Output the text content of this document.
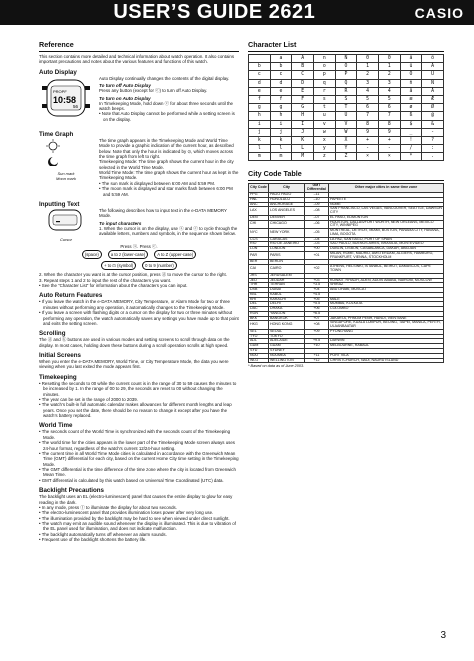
USER’S GUIDE 2621	CASIO
Reference

This section contains more detailed and technical information about watch operation. It also contains important precautions and notes about the various features and functions of this watch.

Auto Display
PROPF
10:58
56

Auto Display continually changes the contents of the digital display.

To turn off Auto Display

Press any button (except for ⓒ) to turn off Auto Display.

To turn on Auto Display

In Timekeeping Mode, hold down ⓒ for about three seconds until the watch beeps.

• Note that Auto Display cannot be performed while a setting screen is on the display.
Time Graph
Sun mark
Moon mark

The time graph appears in the Timekeeping Mode and World Time Mode to provide a graphic indication of the current hour, as described below. Note that only the hour is indicated by ⊙, which moves across the time graph from left to right.

Timekeeping Mode: The time graph shows the current hour in the city selected in the World Time Mode.

World Time Mode: The time graph shows the current hour as kept in the Timekeeping Mode.

• The sun mark is displayed between 6:00 AM and 5:59 PM.
• The moon mark is displayed and star marks flash between 6:00 PM and 5:59 AM.
Inputting Text
Cursor

The following describes how to input text in the e-DATA MEMORY Mode.

To input characters

1. When the cursor is on the display, use ⓐ and ⓒ to cycle through the available letters, numbers and symbols, in the sequence shown below.

Press ⓐ. Press ⓒ.

(space)	a to z (lower-case)	A to Z (upper-case)
+ to ⊡ (symbol)	0 to 9 (number)

2. When the character you want is at the cursor position, press ⓓ to move the cursor to the right.

3. Repeat steps 1 and 2 to input the rest of the characters you want.

• See the “Character List” for information about the characters you can input.
Auto Return Features
• If you leave the watch in the e-DATA MEMORY, City Temperature, or Alarm Mode for two or three minutes without performing any operation, it automatically changes to the Timekeeping Mode.
• If you leave a screen with flashing digits or a cursor on the display for two or three minutes without performing any operation, the watch automatically saves any settings you have made up to that point and exits the setting screen.
Scrolling

The ⓓ and ⓑ buttons are used in various modes and setting screens to scroll through data on the display. In most cases, holding down these buttons during a scroll operation scrolls at high speed.

Initial Screens

When you enter the e-DATA MEMORY, World Time, or City Temperature Mode, the data you were viewing when you last exited the mode appears first.

Timekeeping
• Resetting the seconds to 00 while the current count is in the range of 30 to 59 causes the minutes to be increased by 1. In the range of 00 to 29, the seconds are reset to 00 without changing the minutes.
• The year can be set in the range of 2000 to 2039.
• The watch’s built-in full automatic calendar makes allowances for different month lengths and leap years. Once you set the date, there should be no reason to change it except after you have the watch’s battery replaced.
World Time
• The seconds count of the World Time is synchronized with the seconds count of the Timekeeping Mode.
• The world time for the cities appears in the lower part of the Timekeeping Mode screen always uses 24-hour format, regardless of the watch’s current 12/24-hour setting.
• The current time in all World Time Mode cities is calculated in accordance with the Greenwich Mean Time (GMT) differential for each city, based on the current Home City time setting in the Timekeeping Mode.
• The GMT differential is the time difference of the time zone where the city is located from Greenwich Mean Time.
• GMT differential is calculated by this watch based on Universal Time Coordinated (UTC) data.
Backlight Precautions

The backlight uses an EL (electro-luminescent) panel that causes the entire display to glow for easy reading in the dark.

• In any mode, press ⓛ to illuminate the display for about two seconds.
• The electro-luminescent panel that provides illumination loses power after very long use.
• The illumination provided by the backlight may be hard to see when viewed under direct sunlight.
• The watch may emit an audible sound whenever the display is illuminated. This is due to vibration of the EL panel used for illumination, and does not indicate malfunction.
• The backlight automatically turns off whenever an alarm sounds.
• Frequent use of the backlight shortens the battery life.
Character List
	a	A	n	N	0	0	ä	ö
b	b	B	o	O	1	1	ü	Ä
c	c	C	p	P	2	2	Ö	Ü
d	d	D	q	Q	3	3	ñ	Ñ
e	e	E	r	R	4	4	å	Å
f	f	F	s	S	5	5	æ	Æ
g	g	G	t	T	6	6	ø	Ø
h	h	H	u	U	7	7	ß	@
i	i	I	v	V	8	8	$	&
j	j	J	w	W	9	9	_	-
k	k	K	x	X	+	+	!	?
l	l	L	y	Y	-	-	/	:
m	m	M	z	Z	×	×	*	.
City Code Table
City Code	City	GMT Differential	Other major cities in same time zone
PPG	PAGO PAGO	–11	
HNL	HONOLULU	–10	PAPEETE
ANC	ANCHORAGE	–09	NOME
LAX	LOS ANGELES	–08	SAN FRANCISCO, LAS VEGAS, VANCOUVER, SEATTLE, DAWSON CITY
DEN	DENVER	–07	EL PASO, EDMONTON
CHI	CHICAGO	–06	HOUSTON, DALLAS/FORT WORTH, NEW ORLEANS, MEXICO CITY, WINNIPEG
NYC	NEW YORK	–05	MONTREAL, DETROIT, MIAMI, BOSTON, PANAMA CITY, HAVANA, LIMA, BOGOTA
CCS	CARACAS	–04	LA PAZ, SANTIAGO, PORT OF SPAIN
RIO	RIO DE JANEIRO	–03	SAO PAULO, BUENOS AIRES, BRASILIA, MONTEVIDEO
LON	LONDON	+00	DUBLIN, LISBON, CASABLANCA, DAKAR, ABIDJAN
PAR	PARIS	+01	MILAN, ROME, MADRID, AMSTERDAM, ALGIERS, HAMBURG, FRANKFURT, VIENNA, STOCKHOLM
BER	BERLIN		
CAI	CAIRO	+02	ATHENS, HELSINKI, ISTANBUL, BEIRUT, DAMASCUS, CAPE TOWN
JRS	JERUSALEM		
JED	JEDDAH	+03	KUWAIT, RIYADH, ADEN, ADDIS ABABA, NAIROBI, MOSCOW
THR	TEHRAN	+3.5	SHIRAZ
DXB	DUBAI	+04	ABU DHABI, MUSCAT
KBL	KABUL	+4.5	
KHI	KARACHI	+05	MALE
DEL	DELHI	+5.5	MUMBAI, KOLKATA
DAC	DHAKA	+06	COLOMBO
RGN	YANGON	+6.5	
BKK	BANGKOK	+07	JAKARTA, PHNOM PENH, HANOI, VIENTIANE
HKG	HONG KONG	+08	SINGAPORE, KUALA LUMPUR, BEIJING, TAIPEI, MANILA, PERTH, ULAANBAATAR
SEL	SEOUL	+09	PYONGYANG
TYO	TOKYO		
ADL	ADELAIDE	+9.5	DARWIN
GUM	GUAM	+10	MELBOURNE, RABAUL
SYD	SYDNEY		
NOU	NOUMEA	+11	PORT VILA
WLG	WELLINGTON	+12	CHRISTCHURCH, NADI, NAURU ISLAND
* Based on data as of June 2003.
3
